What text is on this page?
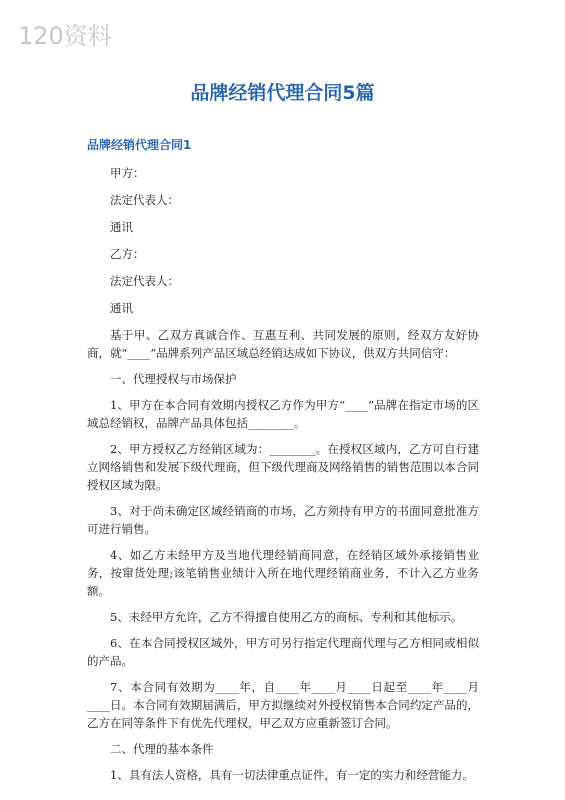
120资料
品牌经销代理合同5篇
品牌经销代理合同1

甲方：

法定代表人：

通讯

乙方：

法定代表人：

通讯

基于甲、乙双方真诚合作、互惠互利、共同发展的原则，经双方友好协商，就“____”品牌系列产品区域总经销达成如下协议，供双方共同信守：

一、代理授权与市场保护

1、甲方在本合同有效期内授权乙方作为甲方“____”品牌在指定市场的区域总经销权，品牌产品具体包括________。

2、甲方授权乙方经销区域为：________。在授权区域内，乙方可自行建立网络销售和发展下级代理商，但下级代理商及网络销售的销售范围以本合同授权区域为限。

3、对于尚未确定区域经销商的市场，乙方须持有甲方的书面同意批准方可进行销售。

4、如乙方未经甲方及当地代理经销商同意，在经销区域外承接销售业务，按窜货处理;该笔销售业绩计入所在地代理经销商业务，不计入乙方业务额。

5、未经甲方允许，乙方不得擅自使用乙方的商标、专利和其他标示。

6、在本合同授权区域外，甲方可另行指定代理商代理与乙方相同或相似的产品。

7、本合同有效期为____年，自____年____月____日起至____年____月____日。本合同有效期届满后，甲方拟继续对外授权销售本合同约定产品的，乙方在同等条件下有优先代理权，甲乙双方应重新签订合同。

二、代理的基本条件

1、具有法人资格，具有一切法律重点证件，有一定的实力和经营能力。
